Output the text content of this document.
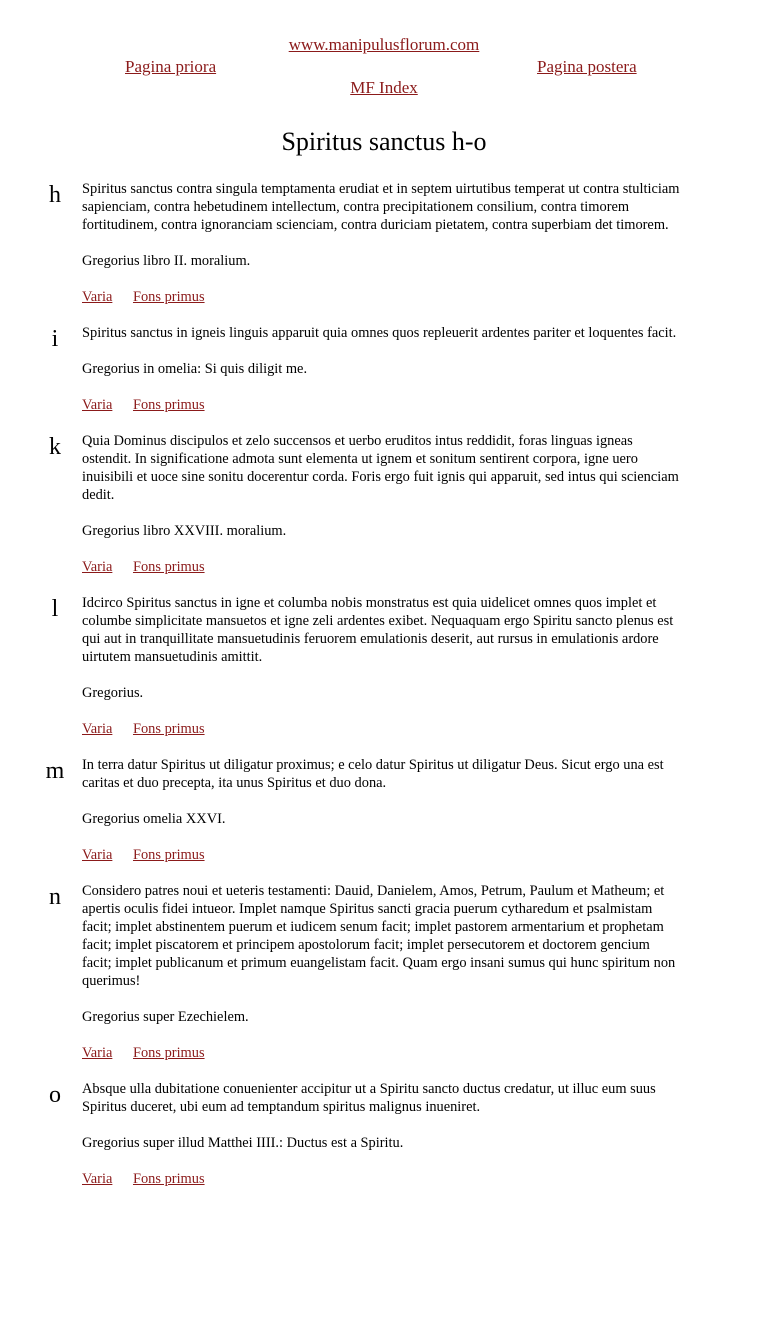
www.manipulusflorum.com
Pagina priora	Pagina postera
MF Index
Spiritus sanctus h-o
h Spiritus sanctus contra singula temptamenta erudiat et in septem uirtutibus temperat ut contra stulticiam sapienciam, contra hebetudinem intellectum, contra precipitationem consilium, contra timorem fortitudinem, contra ignoranciam scienciam, contra duriciam pietatem, contra superbiam det timorem.

Gregorius libro II. moralium.

Varia Fons primus

i	Spiritus sanctus in igneis linguis apparuit quia omnes quos repleuerit ardentes pariter et loquentes facit.

Gregorius in omelia: Si quis diligit me.

Varia Fons primus

k Quia Dominus discipulos et zelo succensos et uerbo eruditos intus reddidit, foras linguas igneas ostendit. In significatione admota sunt elementa ut ignem et sonitum sentirent corpora, igne uero inuisibili et uoce sine sonitu docerentur corda. Foris ergo fuit ignis qui apparuit, sed intus qui scienciam dedit.

Gregorius libro XXVIII. moralium.

Varia Fons primus

l	Idcirco Spiritus sanctus in igne et columba nobis monstratus est quia uidelicet omnes quos implet et columbe simplicitate mansuetos et igne zeli ardentes exibet. Nequaquam ergo Spiritu sancto plenus est qui aut in tranquillitate mansuetudinis feruorem emulationis deserit, aut rursus in emulationis ardore uirtutem mansuetudinis amittit.

Gregorius.

Varia Fons primus

m In terra datur Spiritus ut diligatur proximus; e celo datur Spiritus ut diligatur Deus. Sicut ergo una est caritas et duo precepta, ita unus Spiritus et duo dona.

Gregorius omelia XXVI.

Varia Fons primus

n Considero patres noui et ueteris testamenti: Dauid, Danielem, Amos, Petrum, Paulum et Matheum; et apertis oculis fidei intueor. Implet namque Spiritus sancti gracia puerum cytharedum et psalmistam facit; implet abstinentem puerum et iudicem senum facit; implet pastorem armentarium et prophetam facit; implet piscatorem et principem apostolorum facit; implet persecutorem et doctorem gencium facit; implet publicanum et primum euangelistam facit. Quam ergo insani sumus qui hunc spiritum non querimus!

Gregorius super Ezechielem.

Varia Fons primus

o Absque ulla dubitatione conuenienter accipitur ut a Spiritu sancto ductus credatur, ut illuc eum suus Spiritus duceret, ubi eum ad temptandum spiritus malignus inueniret.

Gregorius super illud Matthei IIII.: Ductus est a Spiritu.

Varia Fons primus
